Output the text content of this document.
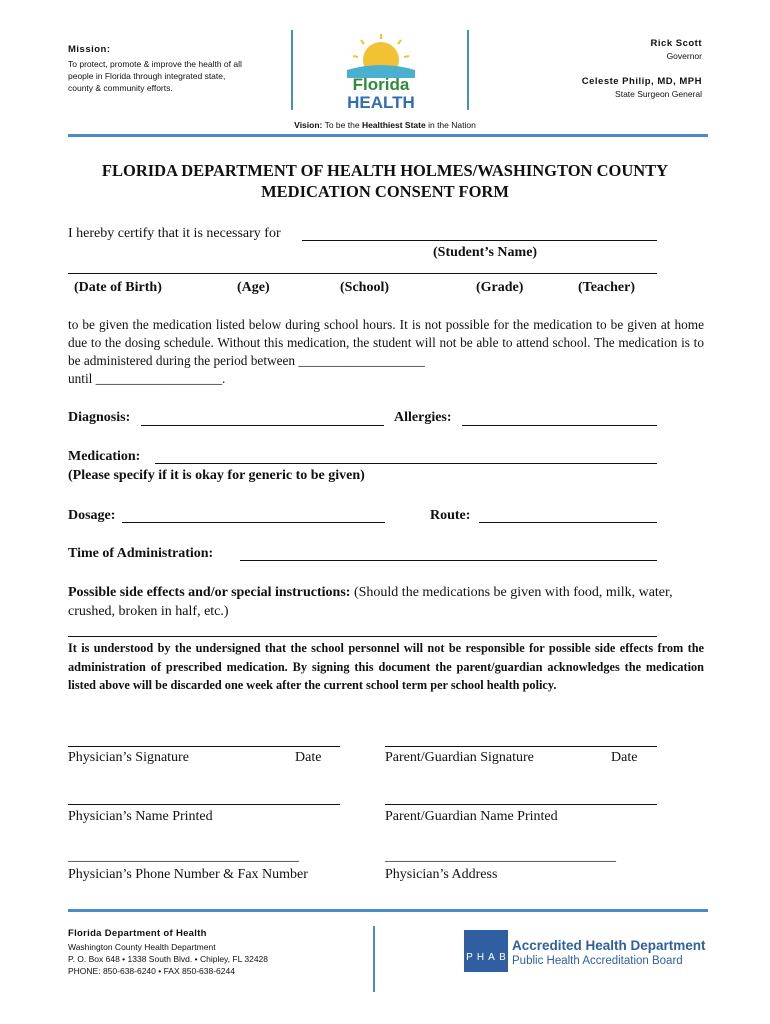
Mission:
To protect, promote & improve the health of all people in Florida through integrated state, county & community efforts.	Florida
HEALTH
Rick Scott
Governor
Celeste Philip, MD, MPH
State Surgeon General
Vision: To be the Healthiest State in the Nation
FLORIDA DEPARTMENT OF HEALTH HOLMES/WASHINGTON COUNTY
MEDICATION CONSENT FORM
I hereby certify that it is necessary for
(Student’s Name)
(Date of Birth)	(Age)	(School)	(Grade)	(Teacher)
to be given the medication listed below during school hours. It is not possible for the medication to be given at home due to the dosing schedule. Without this medication, the student will not be able to attend school. The medication is to be administered during the period between ___________________
until ___________________.
Diagnosis:	Allergies:
Medication:
(Please specify if it is okay for generic to be given)
Dosage:	Route:
Time of Administration:
Possible side effects and/or special instructions: (Should the medications be given with food, milk, water, crushed, broken in half, etc.)
It is understood by the undersigned that the school personnel will not be responsible for possible side effects from the administration of prescribed medication. By signing this document the parent/guardian acknowledges the medication listed above will be discarded one week after the current school term per school health policy.
Physician’s Signature	Date	Parent/Guardian Signature	Date
Physician’s Name Printed	Parent/Guardian Name Printed
_________________________________	_________________________________
Physician’s Phone Number & Fax Number	Physician’s Address
Florida Department of Health
Washington County Health Department
P. O. Box 648 • 1338 South Blvd. • Chipley, FL 32428
PHONE: 850-638-6240 • FAX 850-638-6244
P H A B
Accredited Health Department
Public Health Accreditation Board
